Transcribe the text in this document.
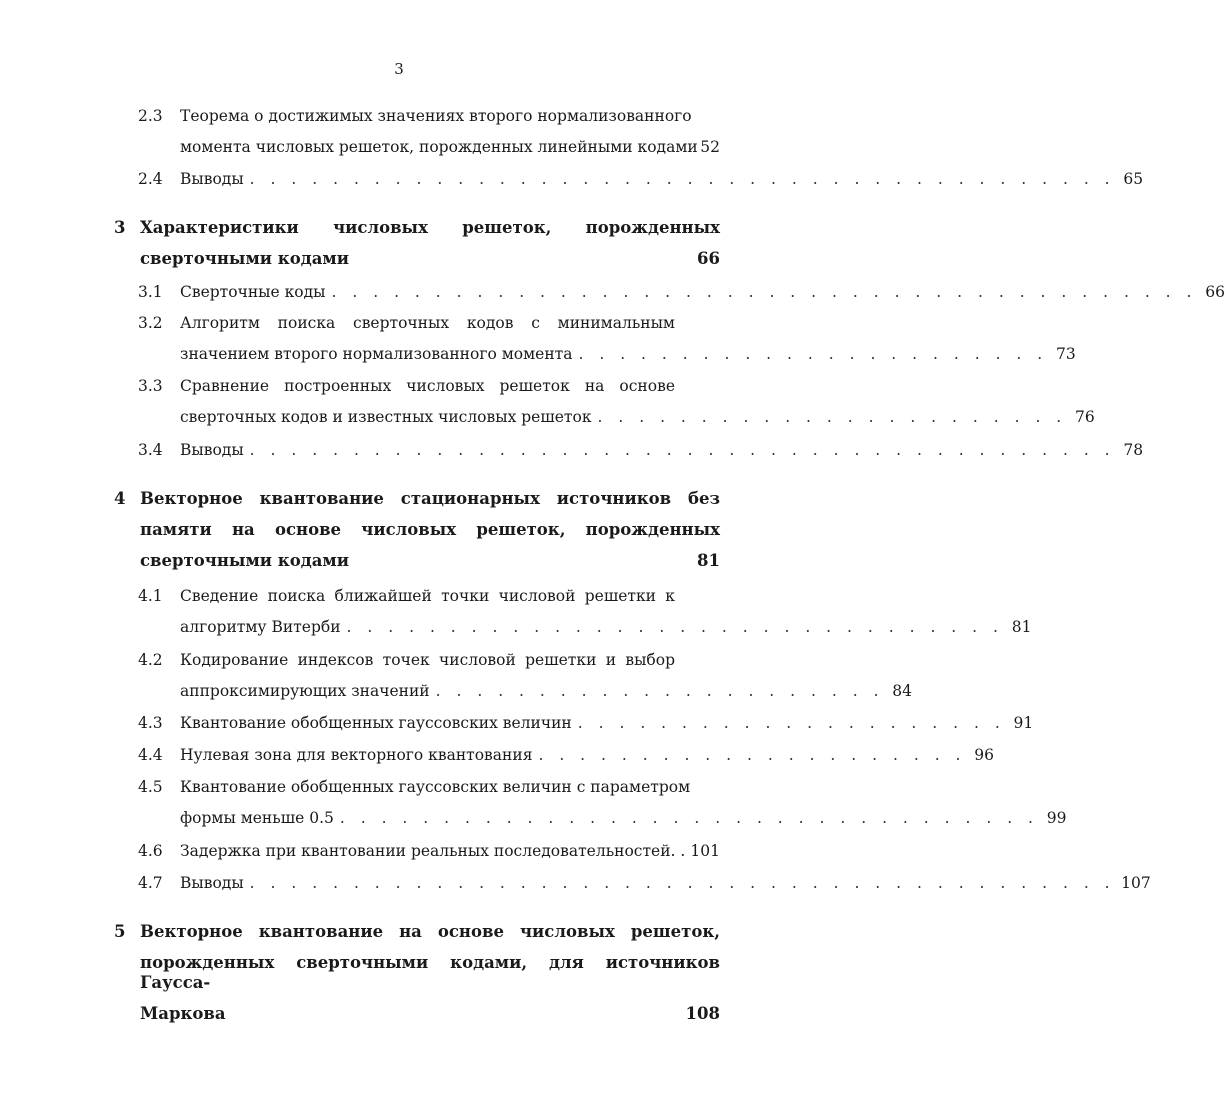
3
2.3 Теорема о достижимых значениях второго нормализованного
момента числовых решеток, порожденных линейными кодами 52
2.4 Выводы . . . . . . . . . . . . . . . . . . . . . . . . . . . . . . . . . . . . . . . . . . 65
3 Характеристики числовых решеток, порожденных
сверточными кодами	66
3.1 Сверточные коды . . . . . . . . . . . . . . . . . . . . . . . . . . . . . . . . . . . . . . . . . . 66
3.2 Алгоритм поиска сверточных кодов с минимальным
значением второго нормализованного момента . . . . . . . . . . . . . . . . . . . . . . . 73
3.3 Сравнение построенных числовых решеток на основе
сверточных кодов и известных числовых решеток . . . . . . . . . . . . . . . . . . . . . . . 76
3.4 Выводы . . . . . . . . . . . . . . . . . . . . . . . . . . . . . . . . . . . . . . . . . . 78
4 Векторное квантование стационарных источников без
памяти на основе числовых решеток, порожденных
сверточными кодами	81
4.1 Сведение поиска ближайшей точки числовой решетки к
алгоритму Витерби . . . . . . . . . . . . . . . . . . . . . . . . . . . . . . . . 81
4.2 Кодирование индексов точек числовой решетки и выбор
аппроксимирующих значений . . . . . . . . . . . . . . . . . . . . . . 84
4.3 Квантование обобщенных гауссовских величин . . . . . . . . . . . . . . . . . . . . . 91
4.4 Нулевая зона для векторного квантования . . . . . . . . . . . . . . . . . . . . . 96
4.5 Квантование обобщенных гауссовских величин с параметром
формы меньше 0.5 . . . . . . . . . . . . . . . . . . . . . . . . . . . . . . . . . . 99
4.6 Задержка при квантовании реальных последовательностей. . 101
4.7 Выводы . . . . . . . . . . . . . . . . . . . . . . . . . . . . . . . . . . . . . . . . . . 107
5 Векторное квантование на основе числовых решеток,
порожденных сверточными кодами, для источников Гаусса-
Маркова	108
